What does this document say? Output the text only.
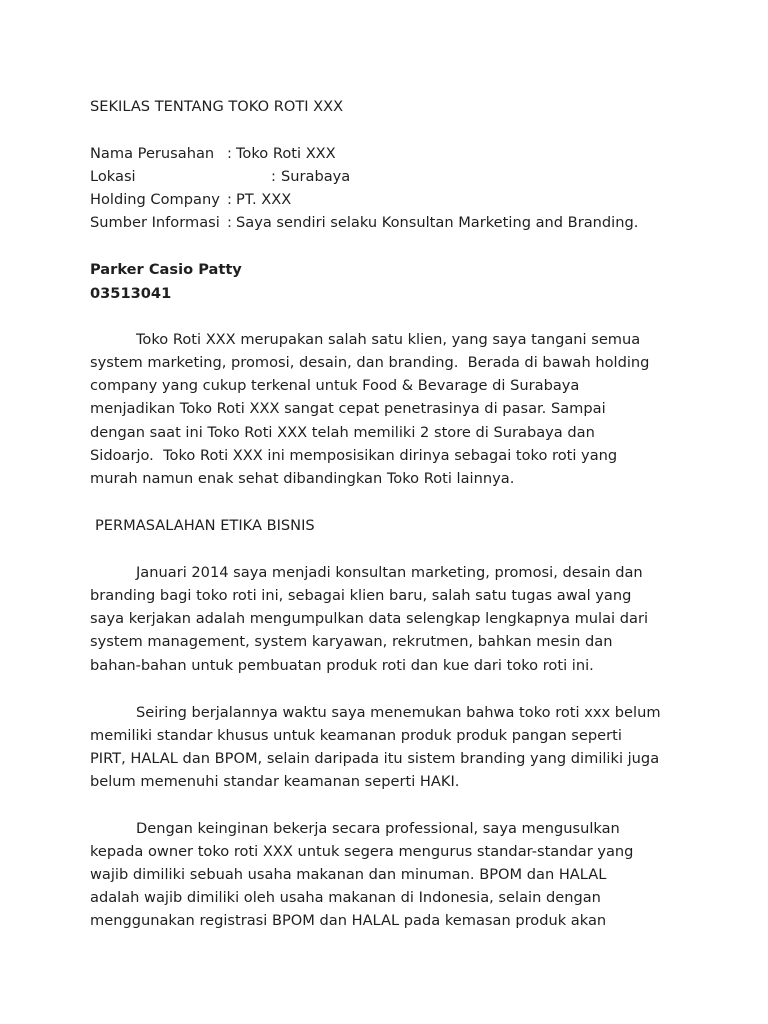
SEKILAS TENTANG TOKO ROTI XXX
Nama Perusahan : Toko Roti XXX
Lokasi	: Surabaya
Holding Company : PT. XXX
Sumber Informasi : Saya sendiri selaku Konsultan Marketing and Branding.
Parker Casio Patty
03513041
Toko Roti XXX merupakan salah satu klien, yang saya tangani semua
system marketing, promosi, desain, dan branding.  Berada di bawah holding
company yang cukup terkenal untuk Food & Bevarage di Surabaya
menjadikan Toko Roti XXX sangat cepat penetrasinya di pasar. Sampai
dengan saat ini Toko Roti XXX telah memiliki 2 store di Surabaya dan
Sidoarjo.  Toko Roti XXX ini memposisikan dirinya sebagai toko roti yang
murah namun enak sehat dibandingkan Toko Roti lainnya.
PERMASALAHAN ETIKA BISNIS
Januari 2014 saya menjadi konsultan marketing, promosi, desain dan
branding bagi toko roti ini, sebagai klien baru, salah satu tugas awal yang
saya kerjakan adalah mengumpulkan data selengkap lengkapnya mulai dari
system management, system karyawan, rekrutmen, bahkan mesin dan
bahan-bahan untuk pembuatan produk roti dan kue dari toko roti ini.
Seiring berjalannya waktu saya menemukan bahwa toko roti xxx belum
memiliki standar khusus untuk keamanan produk produk pangan seperti
PIRT, HALAL dan BPOM, selain daripada itu sistem branding yang dimiliki juga
belum memenuhi standar keamanan seperti HAKI.
Dengan keinginan bekerja secara professional, saya mengusulkan
kepada owner toko roti XXX untuk segera mengurus standar-standar yang
wajib dimiliki sebuah usaha makanan dan minuman. BPOM dan HALAL
adalah wajib dimiliki oleh usaha makanan di Indonesia, selain dengan
menggunakan registrasi BPOM dan HALAL pada kemasan produk akan
